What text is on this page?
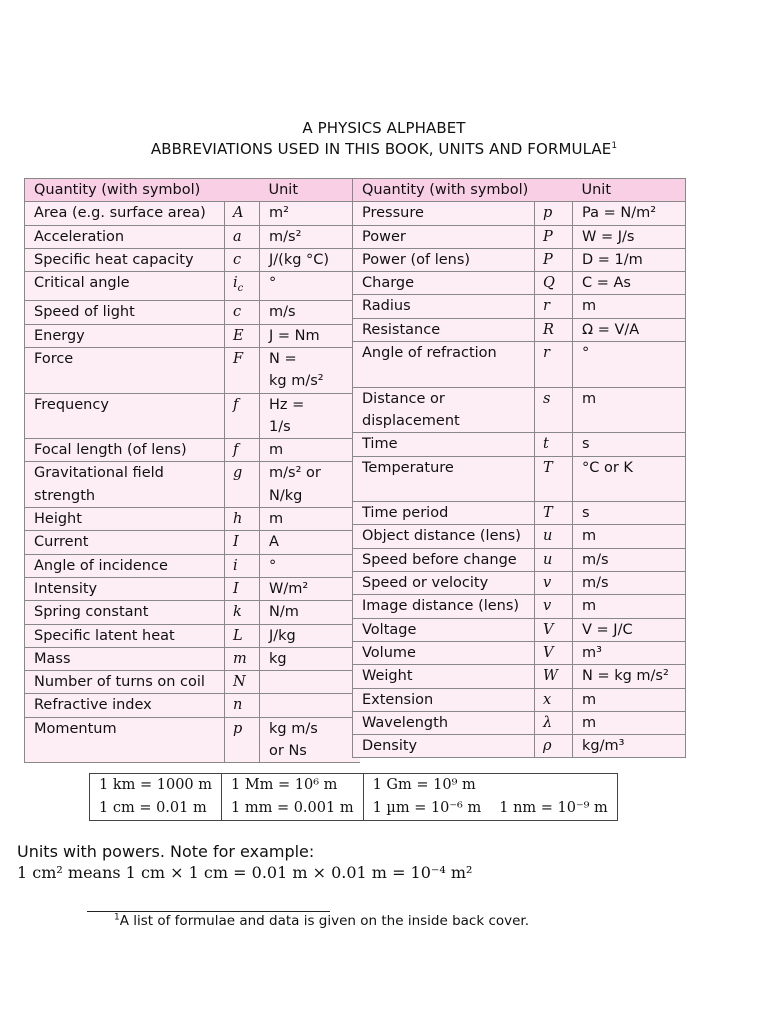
A PHYSICS ALPHABET
ABBREVIATIONS USED IN THIS BOOK, UNITS AND FORMULAE$^1$
Quantity (with symbol)		Unit
Area (e.g. surface area)	A	m²
Acceleration	a	m/s²
Specific heat capacity	c	J/(kg °C)
Critical angle	$i_c$	°
Speed of light	c	m/s
Energy	E	J = Nm
Force	F	N =
		kg m/s²
Frequency	f	Hz =
		1/s
Focal length (of lens)	f	m
Gravitational field	g	m/s² or
strength		N/kg
Height	h	m
Current	I	A
Angle of incidence	i	°
Intensity	I	W/m²
Spring constant	k	N/m
Specific latent heat	L	J/kg
Mass	m	kg
Number of turns on coil	N	
Refractive index	n	
Momentum	p	kg m/s
		or Ns
Quantity (with symbol)		Unit
Pressure	p	Pa = N/m²
Power	P	W = J/s
Power (of lens)	P	D = 1/m
Charge	Q	C = As
Radius	r	m
Resistance	R	Ω = V/A
Angle of refraction	r	°

Distance or	s	m
displacement		
Time	t	s
Temperature	T	°C or K

Time period	T	s
Object distance (lens)	u	m
Speed before change	u	m/s
Speed or velocity	v	m/s
Image distance (lens)	v	m
Voltage	V	V = J/C
Volume	V	m³
Weight	W	N = kg m/s²
Extension	x	m
Wavelength	λ	m
Density	ρ	kg/m³
1 km = 1000 m	1 Mm = 10⁶ m	1 Gm = 10⁹ m	
1 cm = 0.01 m	1 mm = 0.001 m	1 µm = 10⁻⁶ m	1 nm = 10⁻⁹ m
Units with powers. Note for example:
1 cm² means 1 cm × 1 cm = 0.01 m × 0.01 m = 10⁻⁴ m²
$^1$A list of formulae and data is given on the inside back cover.
